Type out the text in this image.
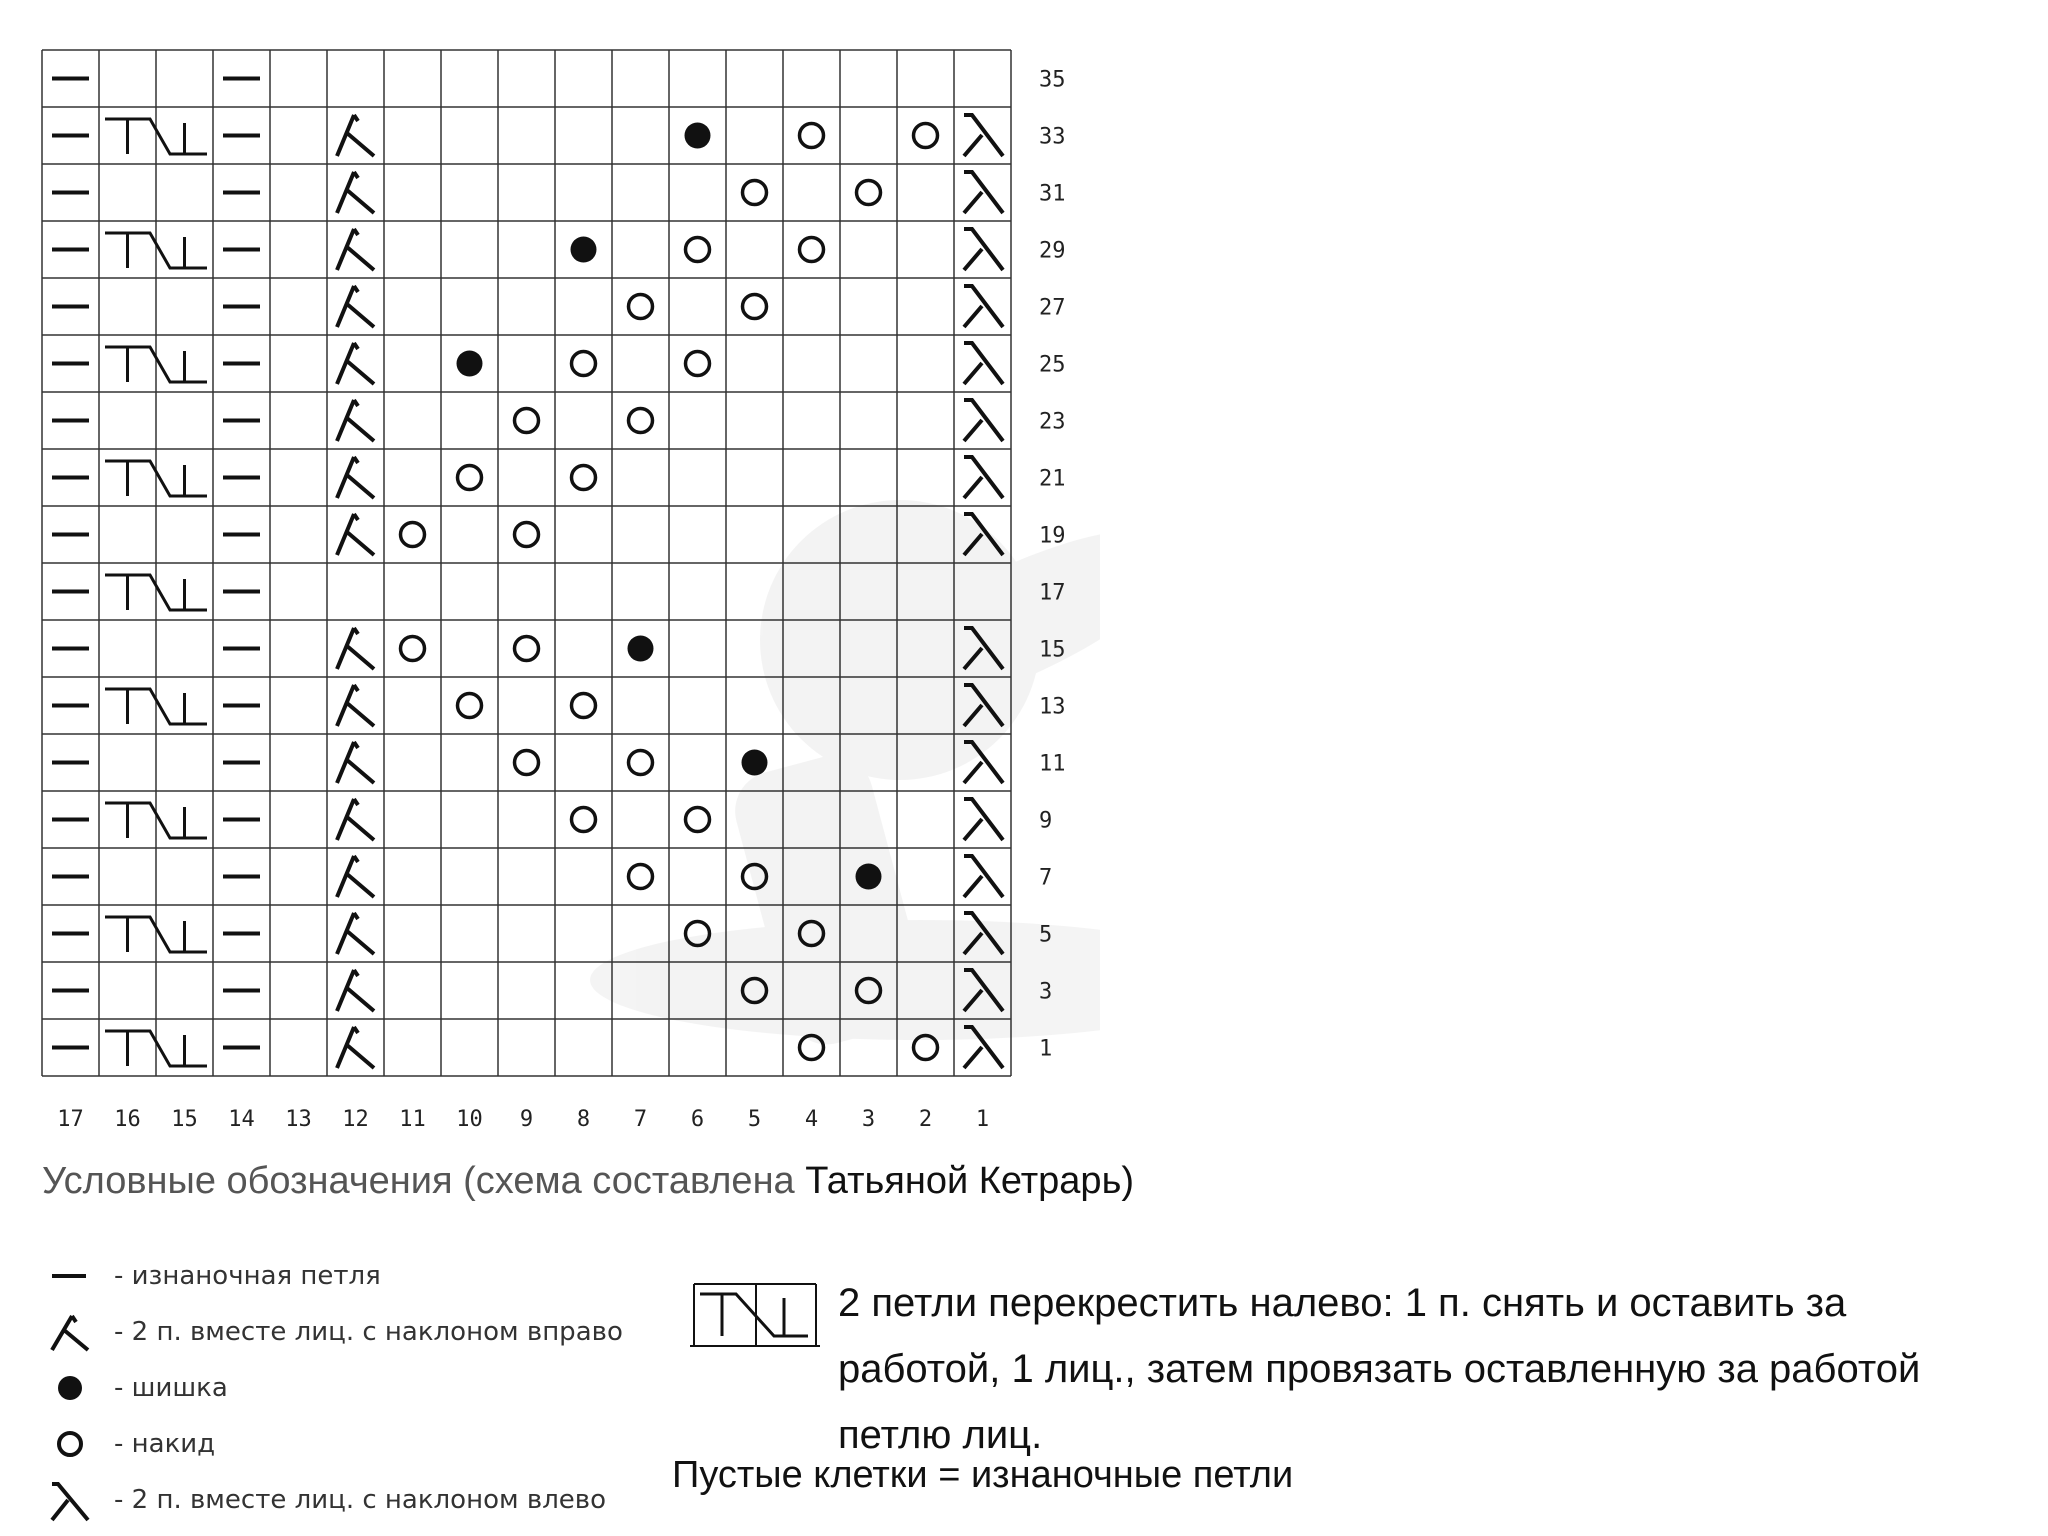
35
33
31
29
27
25
23
21
19
17
15
13
11
9
7
5
3
1
17 16 15 14 13 12 11 10 9 8 7 6 5 4 3 2 1
Условные обозначения (схема составлена Татьяной Кетрарь)
- изнаночная петля
- 2 п. вместе лиц. с наклоном вправо
- шишка
- накид
- 2 п. вместе лиц. с наклоном влево
2 петли перекрестить налево: 1 п. снять и оставить за работой, 1 лиц., затем провязать оставленную за работой петлю лиц.
Пустые клетки = изнаночные петли
